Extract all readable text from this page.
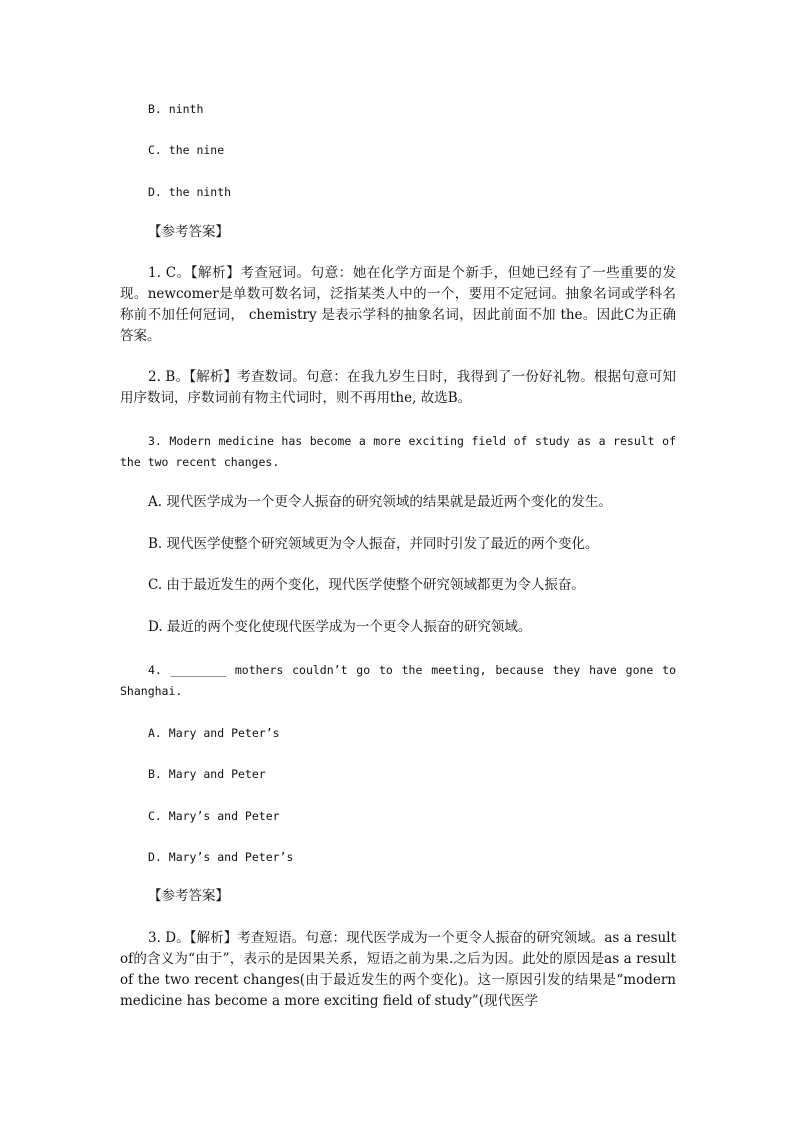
B. ninth
C. the nine
D. the ninth
【参考答案】
1. C。【解析】考查冠词。句意：她在化学方面是个新手，但她已经有了一些重要的发现。newcomer是单数可数名词，泛指某类人中的一个，要用不定冠词。抽象名词或学科名称前不加任何冠词， chemistry 是表示学科的抽象名词，因此前面不加 the。因此C为正确答案。
2. B。【解析】考查数词。句意：在我九岁生日时，我得到了一份好礼物。根据句意可知用序数词，序数词前有物主代词时，则不再用the, 故选B。
3. Modern medicine has become a more exciting field of study as a result of the two recent changes.
A. 现代医学成为一个更令人振奋的研究领域的结果就是最近两个变化的发生。
B. 现代医学使整个研究领域更为令人振奋，并同时引发了最近的两个变化。
C. 由于最近发生的两个变化，现代医学使整个研究领域都更为令人振奋。
D. 最近的两个变化使现代医学成为一个更令人振奋的研究领域。
4. ________ mothers couldn’t go to the meeting, because they have gone to Shanghai.
A. Mary and Peter’s
B. Mary and Peter
C. Mary’s and Peter
D. Mary’s and Peter’s
【参考答案】
3. D。【解析】考查短语。句意：现代医学成为一个更令人振奋的研究领域。as a result of的含义为“由于”，表示的是因果关系，短语之前为果.之后为因。此处的原因是as a result of the two recent changes(由于最近发生的两个变化)。这一原因引发的结果是“modern medicine has become a more exciting field of study”(现代医学
